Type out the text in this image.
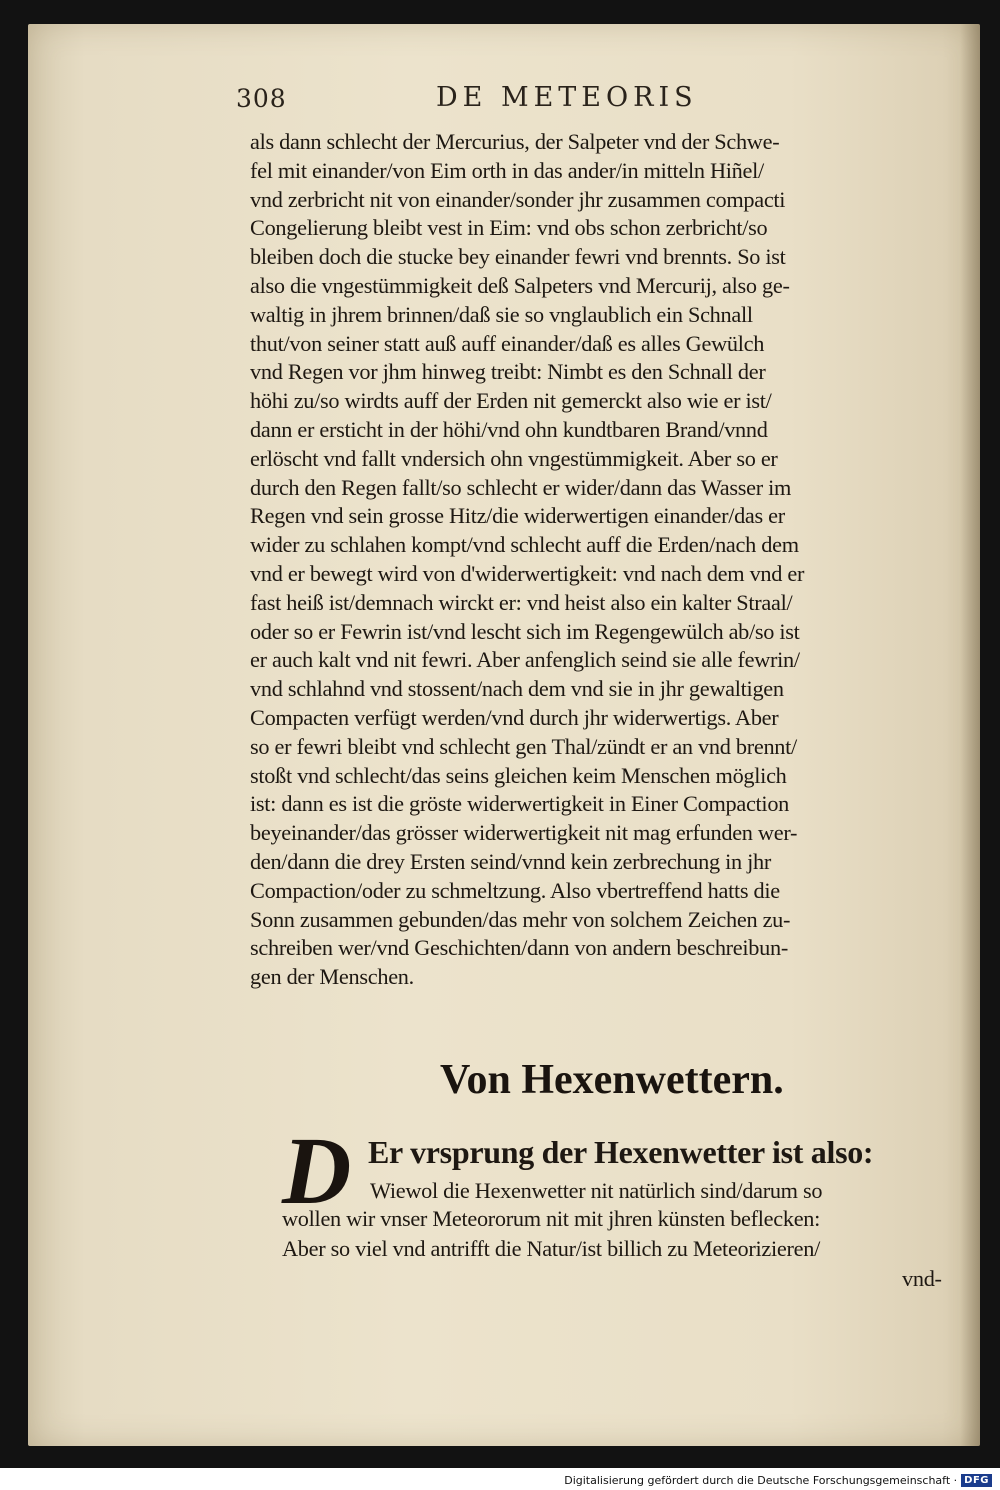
308	DE METEORIS
als dann schlecht der Mercurius, der Salpeter vnd der Schwe-
fel mit einander/von Eim orth in das ander/in mitteln Hiñel/
vnd zerbricht nit von einander/sonder jhr zusammen compacti
Congelierung bleibt vest in Eim: vnd obs schon zerbricht/so
bleiben doch die stucke bey einander fewri vnd brennts. So ist
also die vngestümmigkeit deß Salpeters vnd Mercurij, also ge-
waltig in jhrem brinnen/daß sie so vnglaublich ein Schnall
thut/von seiner statt auß auff einander/daß es alles Gewülch
vnd Regen vor jhm hinweg treibt: Nimbt es den Schnall der
höhi zu/so wirdts auff der Erden nit gemerckt also wie er ist/
dann er ersticht in der höhi/vnd ohn kundtbaren Brand/vnnd
erlöscht vnd fallt vndersich ohn vngestümmigkeit. Aber so er
durch den Regen fallt/so schlecht er wider/dann das Wasser im
Regen vnd sein grosse Hitz/die widerwertigen einander/das er
wider zu schlahen kompt/vnd schlecht auff die Erden/nach dem
vnd er bewegt wird von d'widerwertigkeit: vnd nach dem vnd er
fast heiß ist/demnach wirckt er: vnd heist also ein kalter Straal/
oder so er Fewrin ist/vnd lescht sich im Regengewülch ab/so ist
er auch kalt vnd nit fewri. Aber anfenglich seind sie alle fewrin/
vnd schlahnd vnd stossent/nach dem vnd sie in jhr gewaltigen
Compacten verfügt werden/vnd durch jhr widerwertigs. Aber
so er fewri bleibt vnd schlecht gen Thal/zündt er an vnd brennt/
stoßt vnd schlecht/das seins gleichen keim Menschen möglich
ist: dann es ist die gröste widerwertigkeit in Einer Compaction
beyeinander/das grösser widerwertigkeit nit mag erfunden wer-
den/dann die drey Ersten seind/vnnd kein zerbrechung in jhr
Compaction/oder zu schmeltzung. Also vbertreffend hatts die
Sonn zusammen gebunden/das mehr von solchem Zeichen zu-
schreiben wer/vnd Geschichten/dann von andern beschreibun-
gen der Menschen.
Von Hexenwettern.
D Er vrsprung der Hexenwetter ist also:
Wiewol die Hexenwetter nit natürlich sind/darum so
wollen wir vnser Meteororum nit mit jhren künsten beflecken:
Aber so viel vnd antrifft die Natur/ist billich zu Meteorizieren/
vnd-
Digitalisierung gefördert durch die Deutsche Forschungsgemeinschaft · DFG
